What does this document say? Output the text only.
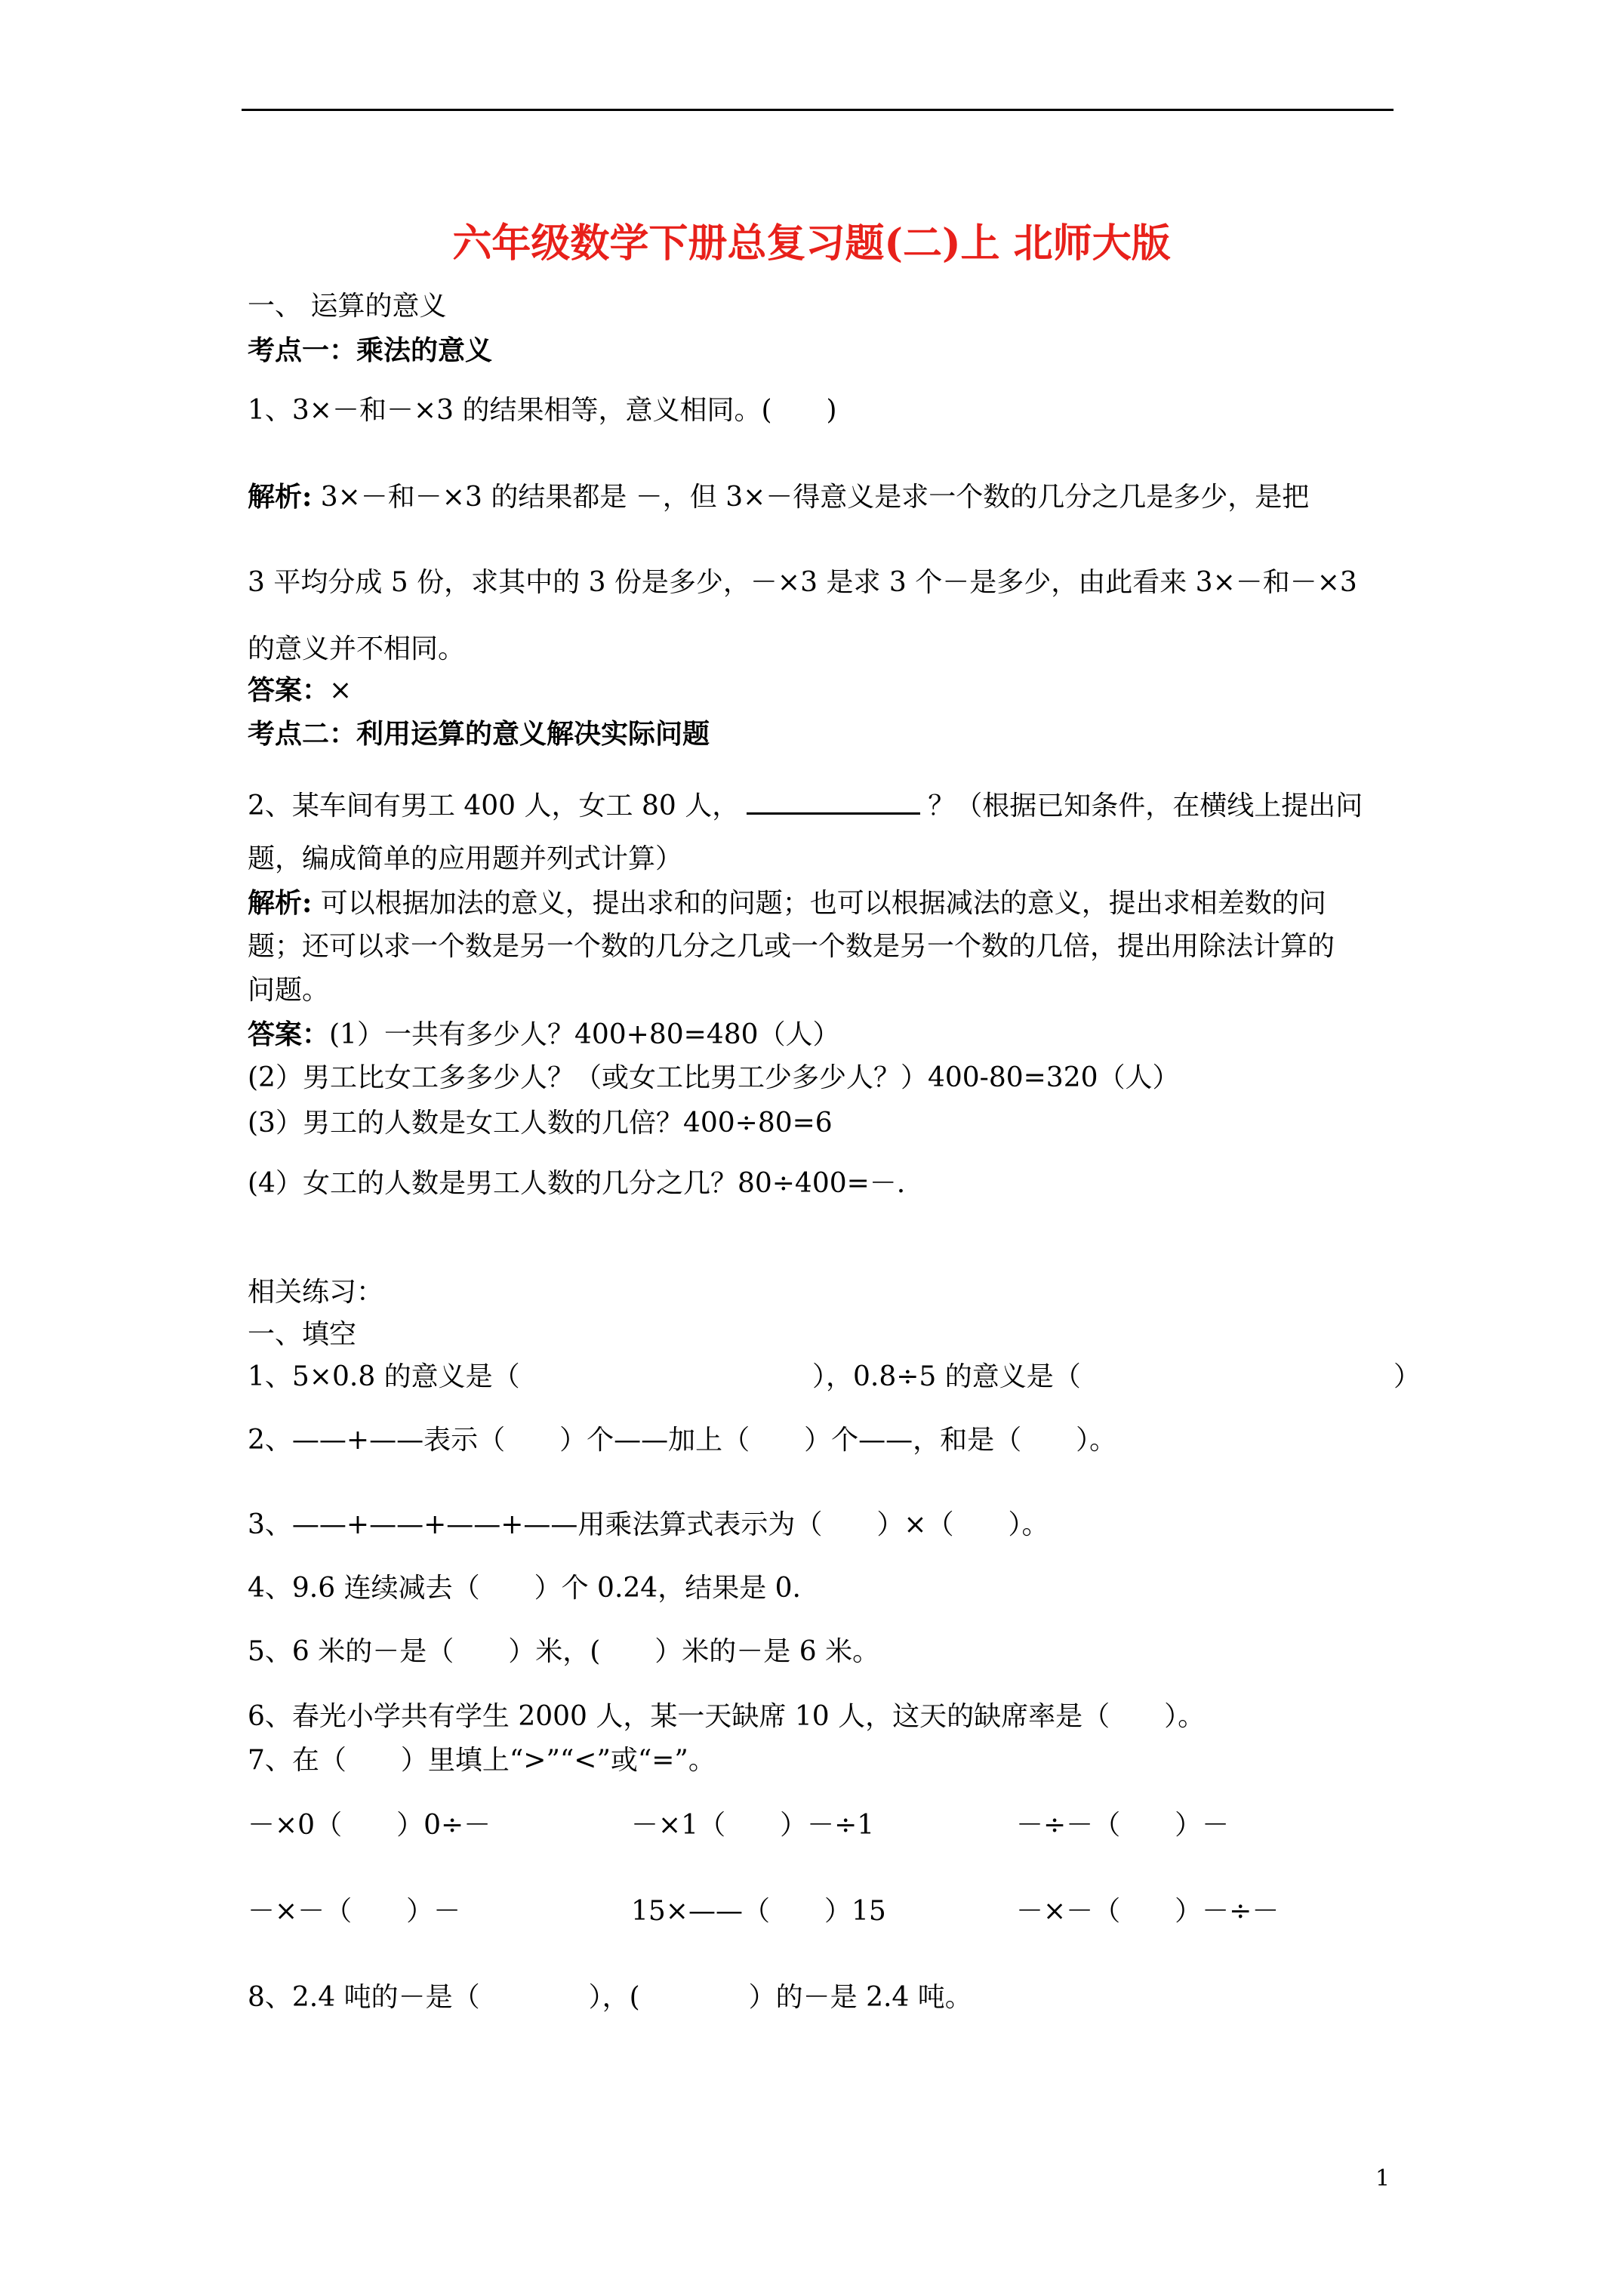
六年级数学下册总复习题(二)上 北师大版
一、 运算的意义
考点一：乘法的意义
1、3×－和－×3 的结果相等，意义相同。(　　)
解析: 3×－和－×3 的结果都是 －，但 3×－得意义是求一个数的几分之几是多少，是把
3 平均分成 5 份，求其中的 3 份是多少，－×3 是求 3 个－是多少，由此看来 3×－和－×3
的意义并不相同。
答案：×
考点二：利用运算的意义解决实际问题
2、某车间有男工 400 人，女工 80 人，	？（根据已知条件，在横线上提出问
题，编成简单的应用题并列式计算）
解析: 可以根据加法的意义，提出求和的问题；也可以根据减法的意义，提出求相差数的问
题；还可以求一个数是另一个数的几分之几或一个数是另一个数的几倍，提出用除法计算的
问题。
答案：(1）一共有多少人？400+80=480（人）
(2）男工比女工多多少人？（或女工比男工少多少人？）400-80=320（人）
(3）男工的人数是女工人数的几倍？400÷80=6
(4）女工的人数是男工人数的几分之几？80÷400=－.
相关练习：
一、填空
1、5×0.8 的意义是（	），0.8÷5 的意义是（	）
2、——+——表示（　　）个——加上（　　）个——，和是（　　）。
3、——+——+——+——用乘法算式表示为（　　）×（　　）。
4、9.6 连续减去（　　）个 0.24，结果是 0.
5、6 米的－是（　　）米，(　　）米的－是 6 米。
6、春光小学共有学生 2000 人，某一天缺席 10 人，这天的缺席率是（　　）。
7、在（　　）里填上“>”“<”或“=”。
－×0（　　）0÷－	－×1（　　）－÷1	－÷－（　　）－
－×－（　　）－	15×——（　　）15	－×－（　　）－÷－
8、2.4 吨的－是（　　　　），(　　　　）的－是 2.4 吨。
1
